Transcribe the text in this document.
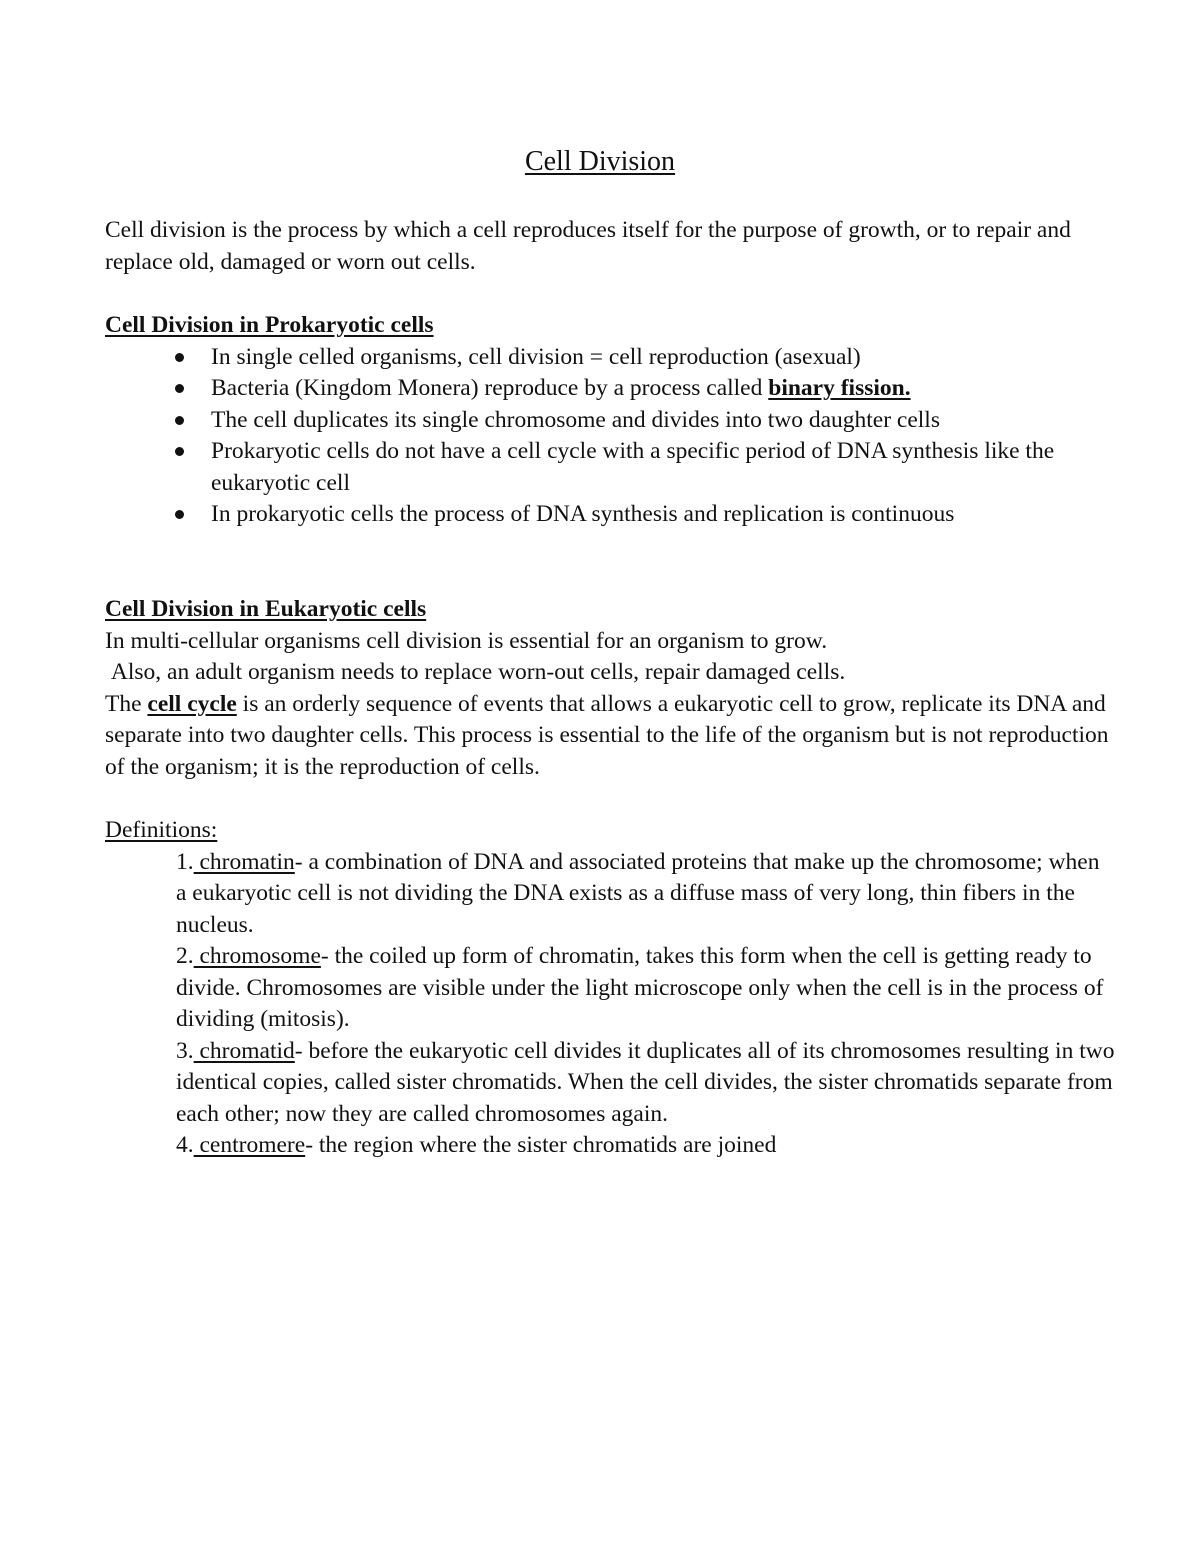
Cell Division

Cell division is the process by which a cell reproduces itself for the purpose of growth, or to repair and replace old, damaged or worn out cells.

Cell Division in Prokaryotic cells

In single celled organisms, cell division = cell reproduction (asexual)
Bacteria (Kingdom Monera) reproduce by a process called binary fission.
The cell duplicates its single chromosome and divides into two daughter cells
Prokaryotic cells do not have a cell cycle with a specific period of DNA synthesis like the eukaryotic cell
In prokaryotic cells the process of DNA synthesis and replication is continuous

Cell Division in Eukaryotic cells

In multi-cellular organisms cell division is essential for an organism to grow.

Also, an adult organism needs to replace worn-out cells, repair damaged cells.

The cell cycle is an orderly sequence of events that allows a eukaryotic cell to grow, replicate its DNA and separate into two daughter cells. This process is essential to the life of the organism but is not reproduction of the organism; it is the reproduction of cells.

Definitions:

1. chromatin- a combination of DNA and associated proteins that make up the chromosome; when a eukaryotic cell is not dividing the DNA exists as a diffuse mass of very long, thin fibers in the nucleus.
2. chromosome- the coiled up form of chromatin, takes this form when the cell is getting ready to divide. Chromosomes are visible under the light microscope only when the cell is in the process of dividing (mitosis).
3. chromatid- before the eukaryotic cell divides it duplicates all of its chromosomes resulting in two identical copies, called sister chromatids. When the cell divides, the sister chromatids separate from each other; now they are called chromosomes again.
4. centromere- the region where the sister chromatids are joined
